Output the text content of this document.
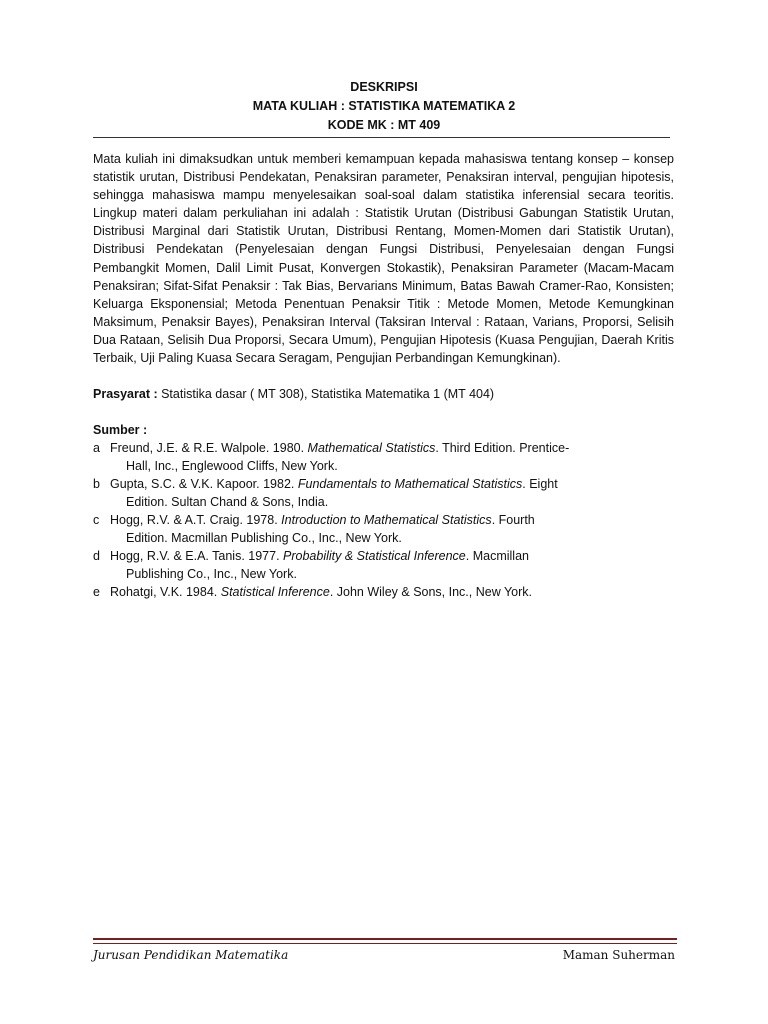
DESKRIPSI
MATA KULIAH : STATISTIKA MATEMATIKA 2
KODE MK : MT 409

Mata kuliah ini dimaksudkan untuk memberi kemampuan kepada mahasiswa tentang konsep – konsep statistik urutan, Distribusi Pendekatan, Penaksiran parameter, Penaksiran interval, pengujian hipotesis, sehingga mahasiswa mampu menyelesaikan soal-soal dalam statistika inferensial secara teoritis. Lingkup materi dalam perkuliahan ini adalah : Statistik Urutan (Distribusi Gabungan Statistik Urutan, Distribusi Marginal dari Statistik Urutan, Distribusi Rentang, Momen-Momen dari Statistik Urutan), Distribusi Pendekatan (Penyelesaian dengan Fungsi Distribusi, Penyelesaian dengan Fungsi Pembangkit Momen, Dalil Limit Pusat, Konvergen Stokastik), Penaksiran Parameter (Macam-Macam Penaksiran; Sifat-Sifat Penaksir : Tak Bias, Bervarians Minimum, Batas Bawah Cramer-Rao, Konsisten; Keluarga Eksponensial; Metoda Penentuan Penaksir Titik : Metode Momen, Metode Kemungkinan Maksimum, Penaksir Bayes), Penaksiran Interval (Taksiran Interval : Rataan, Varians, Proporsi, Selisih Dua Rataan, Selisih Dua Proporsi, Secara Umum), Pengujian Hipotesis (Kuasa Pengujian, Daerah Kritis Terbaik, Uji Paling Kuasa Secara Seragam, Pengujian Perbandingan Kemungkinan).

Prasyarat : Statistika dasar ( MT 308), Statistika Matematika 1 (MT 404)
Sumber :
a Freund, J.E. & R.E. Walpole. 1980. Mathematical Statistics. Third Edition. Prentice-
Hall, Inc., Englewood Cliffs, New York.
b Gupta, S.C. & V.K. Kapoor. 1982. Fundamentals to Mathematical Statistics. Eight
Edition. Sultan Chand & Sons, India.
c Hogg, R.V. & A.T. Craig. 1978. Introduction to Mathematical Statistics. Fourth
Edition. Macmillan Publishing Co., Inc., New York.
d Hogg, R.V. & E.A. Tanis. 1977. Probability & Statistical Inference. Macmillan
Publishing Co., Inc., New York.
e Rohatgi, V.K. 1984. Statistical Inference. John Wiley & Sons, Inc., New York.
Jurusan Pendidikan Matematika	Maman Suherman
